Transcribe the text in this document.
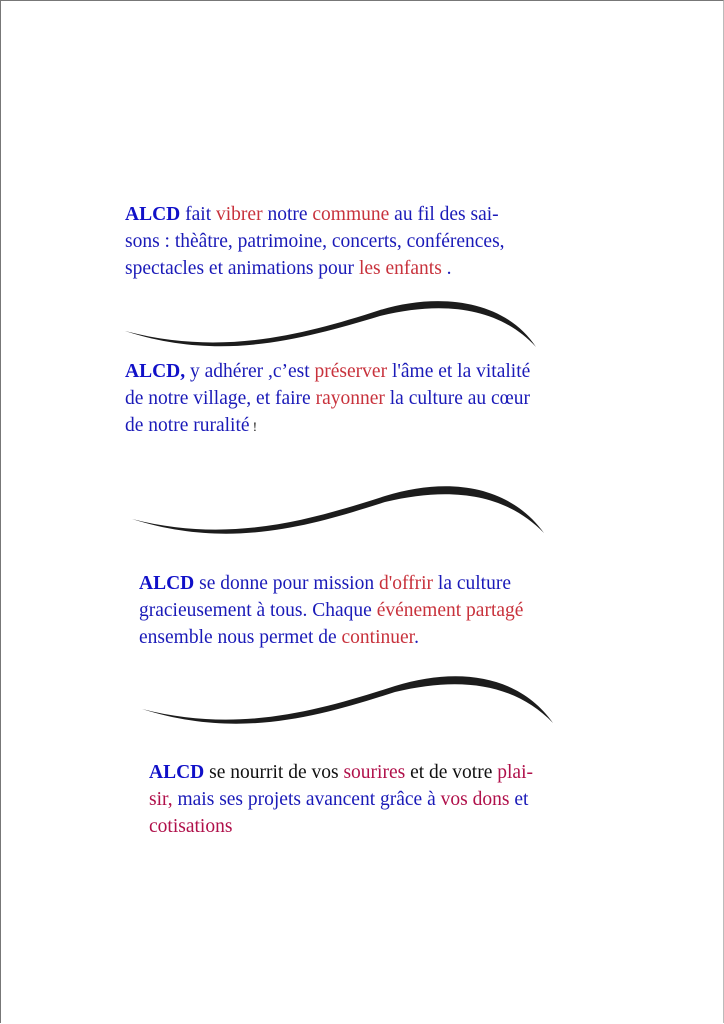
ALCD fait vibrer notre commune au fil des sai-
sons : thèâtre, patrimoine, concerts, conférences,
spectacles et animations pour les enfants .
ALCD, y adhérer ,c’est préserver l'âme et la vitalité
de notre village, et faire rayonner la culture au cœur
de notre ruralité !
ALCD se donne pour mission d'offrir la culture
gracieusement à tous. Chaque événement partagé
ensemble nous permet de continuer.
ALCD se nourrit de vos sourires et de votre plai-
sir, mais ses projets avancent grâce à vos dons et
cotisations
